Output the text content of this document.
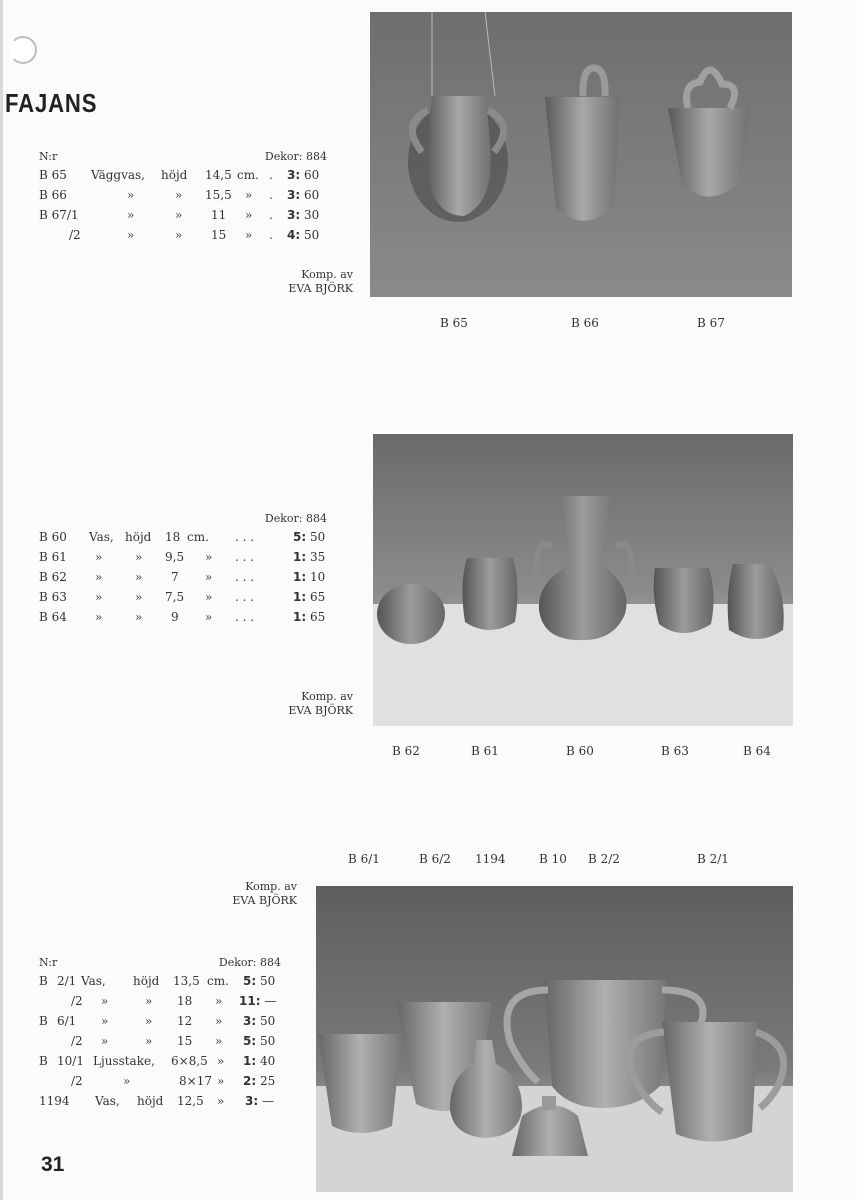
FAJANS
N:r	Dekor: 884
B 65 Väggvas, höjd 14,5 cm. . 3: 60
B 66	»	» 15,5 » . 3: 60
B 67/1	»	» 11 » . 3: 30
/2	»	» 15 » . 4: 50
Komp. av
EVA BJÖRK
B 65	B 66	B 67
Dekor: 884
B 60 Vas, höjd 18 cm. . . .	5: 50
B 61 »	» 9,5 » . . .	1: 35
B 62 »	» 7 » . . .	1: 10
B 63 »	» 7,5 » . . .	1: 65
B 64 »	» 9 » . . .	1: 65
Komp. av
EVA BJÖRK
B 62	B 61	B 60	B 63	B 64
B 6/1	B 6/2 1194	B 10 B 2/2	B 2/1
Komp. av
EVA BJÖRK
N:r	Dekor: 884
B 2/1 Vas, höjd 13,5 cm. 5: 50
/2 »	» 18 » 11: —
B 6/1 »	» 12 » 3: 50
/2 »	» 15 » 5: 50
B 10/1 Ljusstake, 6×8,5 » 1: 40
/2	»	8×17 » 2: 25
1194 Vas, höjd 12,5 » 3: —
31
